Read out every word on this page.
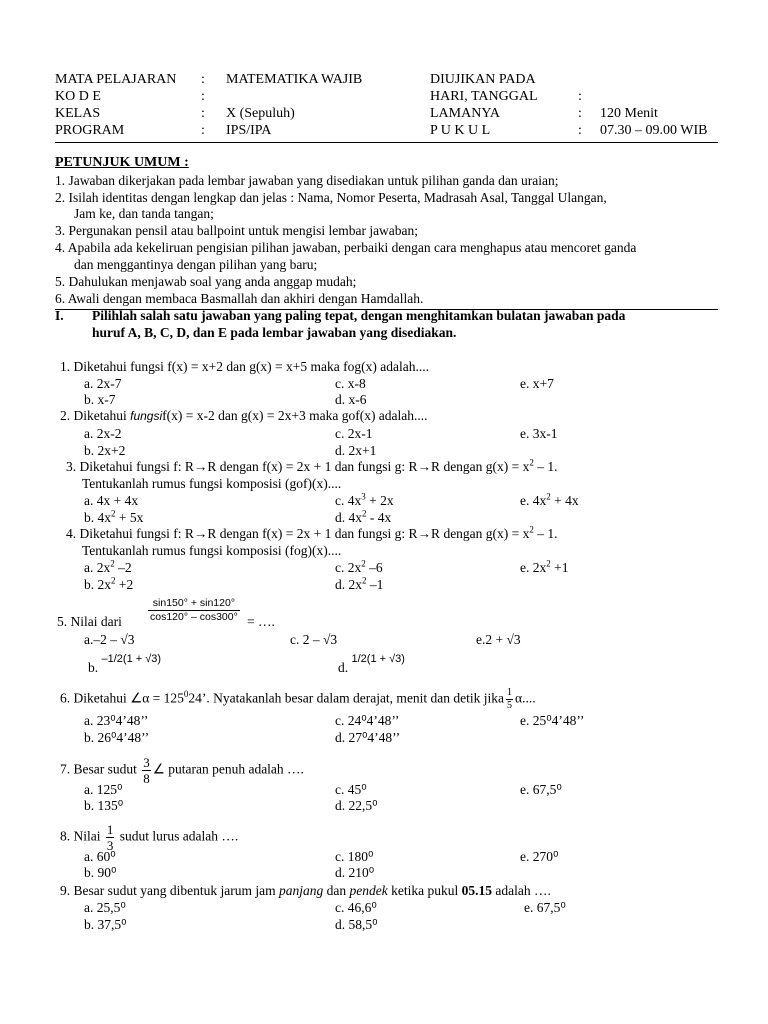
MATA PELAJARAN : MATEMATIKA WAJIB	DIUJIKAN PADA
KO D E	:	HARI, TANGGAL	:
KELAS	: X (Sepuluh)	LAMANYA	: 120 Menit
PROGRAM	: IPS/IPA	P U K U L	: 07.30 – 09.00 WIB
PETUNJUK UMUM :
1. Jawaban dikerjakan pada lembar jawaban yang disediakan untuk pilihan ganda dan uraian;
2. Isilah identitas dengan lengkap dan jelas : Nama, Nomor Peserta, Madrasah Asal, Tanggal Ulangan,
Jam ke, dan tanda tangan;
3. Pergunakan pensil atau ballpoint untuk mengisi lembar jawaban;
4. Apabila ada kekeliruan pengisian pilihan jawaban, perbaiki dengan cara menghapus atau mencoret ganda
dan menggantinya dengan pilihan yang baru;
5. Dahulukan menjawab soal yang anda anggap mudah;
6. Awali dengan membaca Basmallah dan akhiri dengan Hamdallah.
I. Pilihlah salah satu jawaban yang paling tepat, dengan menghitamkan bulatan jawaban pada
huruf A, B, C, D, dan E pada lembar jawaban yang disediakan.
1. Diketahui fungsi f(x) = x+2 dan g(x) = x+5 maka fog(x) adalah....
a. 2x-7
b. x-7
c. x-8
d. x-6
e. x+7
2. Diketahui fungsif(x) = x-2 dan g(x) = 2x+3 maka gof(x) adalah....
a. 2x-2
b. 2x+2
c. 2x-1
d. 2x+1
e. 3x-1
3. Diketahui fungsi f: R→R dengan f(x) = 2x + 1 dan fungsi g: R→R dengan $g(x) = x^2 - 1$.
Tentukanlah rumus fungsi komposisi (gof)(x)....
a. 4x + 4x
b. $4x^2 + 5x$
c. $4x^3 + 2x$
d. $4x^2 - 4x$
e. $4x^2 + 4x$
4. Diketahui fungsi f: R→R dengan f(x) = 2x + 1 dan fungsi g: R→R dengan $g(x) = x^2 - 1$.
Tentukanlah rumus fungsi komposisi (fog)(x)....
a. $2x^2$ –2
b. $2x^2 +2$
c. $2x^2$ –6
d. $2x^2$ –1
e. $2x^2 +1$
5. Nilai dari
sin150° + sin120°
cos120° – cos300° = ….
a.–2 – √3	c. 2 – √3	e.2 + √3
b. $^{-1/2(1 + √3)}$
d. $^{1/2(1 + √3)}$
6. Diketahui ∠α = $125^024$’. Nyatakanlah besar dalam derajat, menit dan detik jika $\frac{1}{5} \alpha$....
a. 23⁰4’48’’
b. 26⁰4’48’’
c. 24⁰4’48’’
d. 27⁰4’48’’
e. 25⁰4’48’’
7. Besar sudut $\frac{3}{8}$ ∠ putaran penuh adalah ….
a. 125⁰
b. 135⁰
c. 45⁰
d. 22,5⁰
e. 67,5⁰
8. Nilai $\frac{1}{3}$ sudut lurus adalah ….
a. 60⁰
b. 90⁰
c. 180⁰
d. 210⁰
e. 270⁰
9. Besar sudut yang dibentuk jarum jam panjang dan pendek ketika pukul 05.15 adalah ….
a. 25,5⁰
b. 37,5⁰
c. 46,6⁰
d. 58,5⁰
e. 67,5⁰
